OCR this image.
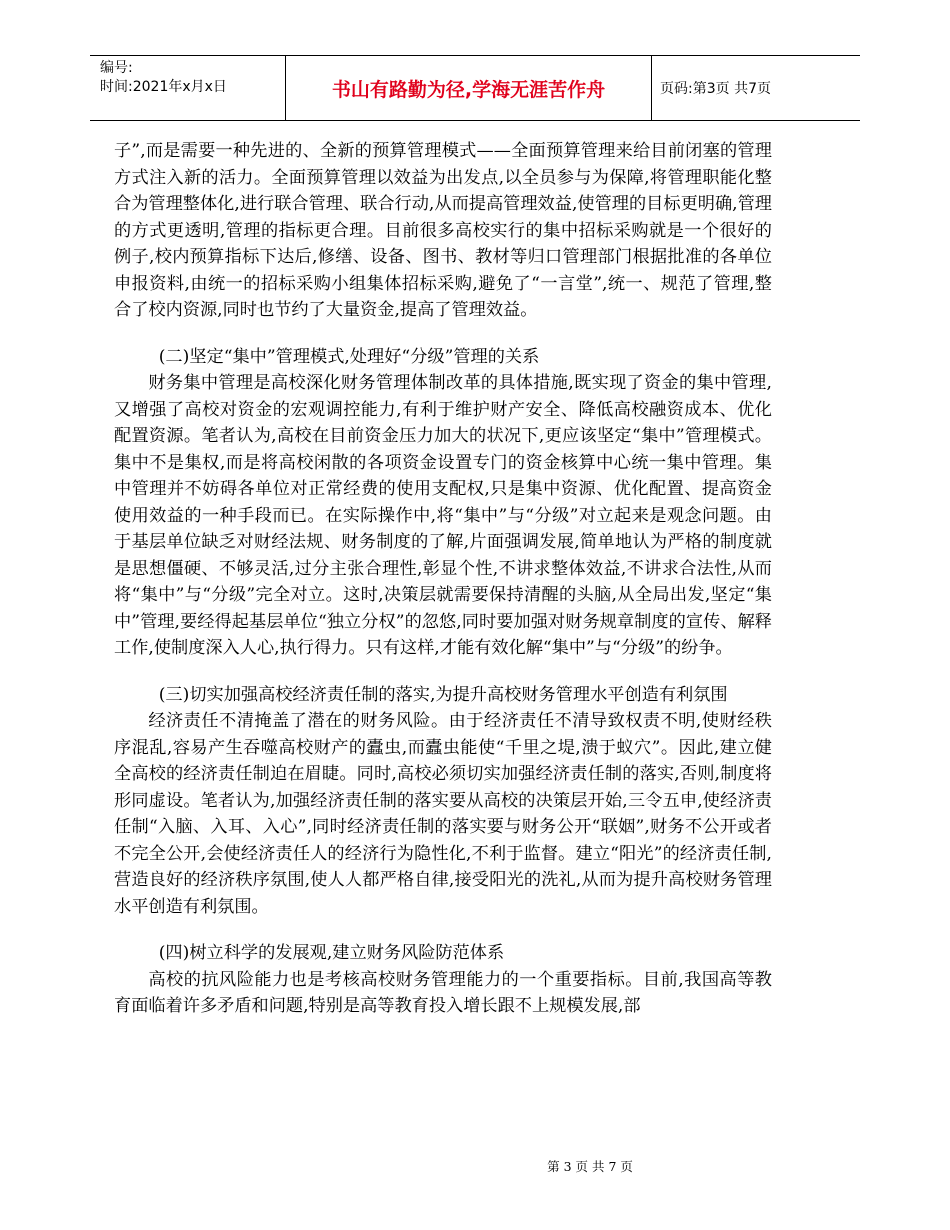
编号:
时间:2021年x月x日	书山有路勤为径,学海无涯苦作舟	页码:第3页 共7页

子”,而是需要一种先进的、全新的预算管理模式——全面预算管理来给目前闭塞的管理方式注入新的活力。全面预算管理以效益为出发点,以全员参与为保障,将管理职能化整合为管理整体化,进行联合管理、联合行动,从而提高管理效益,使管理的目标更明确,管理的方式更透明,管理的指标更合理。目前很多高校实行的集中招标采购就是一个很好的例子,校内预算指标下达后,修缮、设备、图书、教材等归口管理部门根据批准的各单位申报资料,由统一的招标采购小组集体招标采购,避免了“一言堂”,统一、规范了管理,整合了校内资源,同时也节约了大量资金,提高了管理效益。

(二)坚定“集中”管理模式,处理好“分级”管理的关系

财务集中管理是高校深化财务管理体制改革的具体措施,既实现了资金的集中管理,又增强了高校对资金的宏观调控能力,有利于维护财产安全、降低高校融资成本、优化配置资源。笔者认为,高校在目前资金压力加大的状况下,更应该坚定“集中”管理模式。集中不是集权,而是将高校闲散的各项资金设置专门的资金核算中心统一集中管理。集中管理并不妨碍各单位对正常经费的使用支配权,只是集中资源、优化配置、提高资金使用效益的一种手段而已。在实际操作中,将“集中”与“分级”对立起来是观念问题。由于基层单位缺乏对财经法规、财务制度的了解,片面强调发展,简单地认为严格的制度就是思想僵硬、不够灵活,过分主张合理性,彰显个性,不讲求整体效益,不讲求合法性,从而将“集中”与“分级”完全对立。这时,决策层就需要保持清醒的头脑,从全局出发,坚定“集中”管理,要经得起基层单位“独立分权”的忽悠,同时要加强对财务规章制度的宣传、解释工作,使制度深入人心,执行得力。只有这样,才能有效化解“集中”与“分级”的纷争。

(三)切实加强高校经济责任制的落实,为提升高校财务管理水平创造有利氛围

经济责任不清掩盖了潜在的财务风险。由于经济责任不清导致权责不明,使财经秩序混乱,容易产生吞噬高校财产的蠹虫,而蠹虫能使“千里之堤,溃于蚁穴”。因此,建立健全高校的经济责任制迫在眉睫。同时,高校必须切实加强经济责任制的落实,否则,制度将形同虚设。笔者认为,加强经济责任制的落实要从高校的决策层开始,三令五申,使经济责任制“入脑、入耳、入心”,同时经济责任制的落实要与财务公开“联姻”,财务不公开或者不完全公开,会使经济责任人的经济行为隐性化,不利于监督。建立“阳光”的经济责任制,营造良好的经济秩序氛围,使人人都严格自律,接受阳光的洗礼,从而为提升高校财务管理水平创造有利氛围。

(四)树立科学的发展观,建立财务风险防范体系

高校的抗风险能力也是考核高校财务管理能力的一个重要指标。目前,我国高等教育面临着许多矛盾和问题,特别是高等教育投入增长跟不上规模发展,部

第 3 页 共 7 页
